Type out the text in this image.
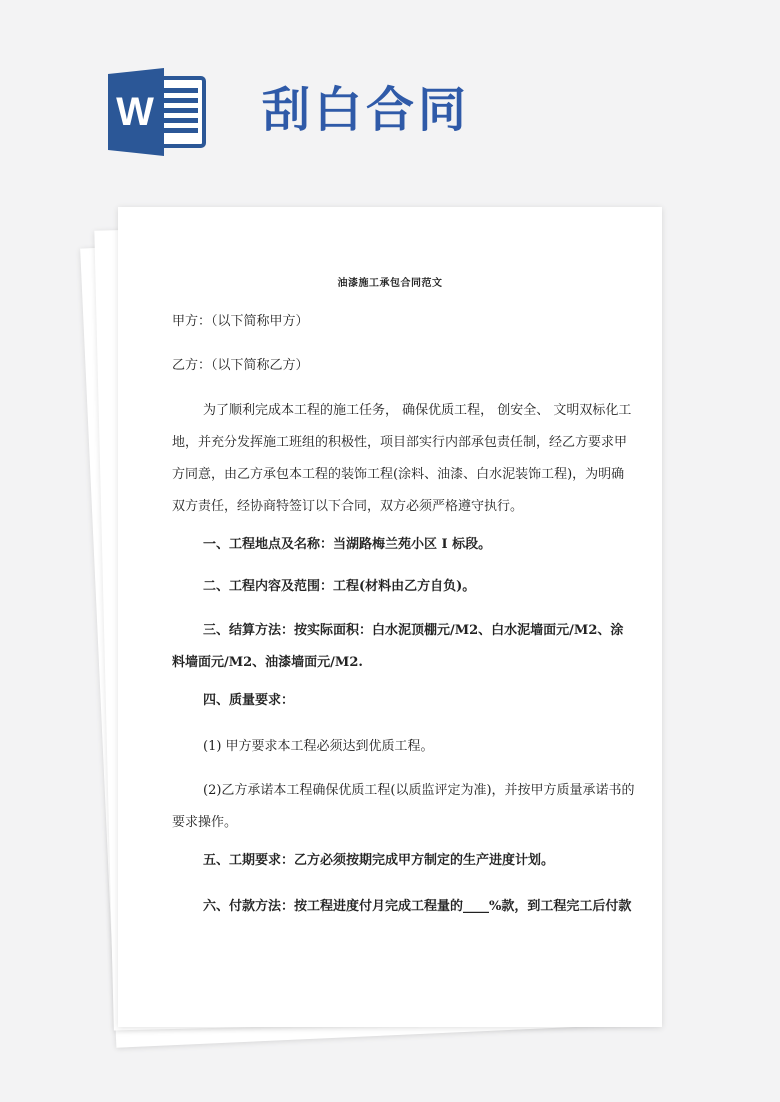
W 刮白合同
油漆施工承包合同范文

甲方：（以下简称甲方）

乙方：（以下简称乙方）

为了顺利完成本工程的施工任务， 确保优质工程， 创安全、 文明双标化工地，并充分发挥施工班组的积极性，项目部实行内部承包责任制，经乙方要求甲方同意，由乙方承包本工程的装饰工程(涂料、油漆、白水泥装饰工程)，为明确双方责任，经协商特签订以下合同，双方必须严格遵守执行。

一、工程地点及名称：当湖路梅兰苑小区 I 标段。

二、工程内容及范围：工程(材料由乙方自负)。

三、结算方法：按实际面积：白水泥顶棚元/M2、白水泥墙面元/M2、涂料墙面元/M2、油漆墙面元/M2.

四、质量要求：

(1) 甲方要求本工程必须达到优质工程。

(2)乙方承诺本工程确保优质工程(以质监评定为准)，并按甲方质量承诺书的要求操作。

五、工期要求：乙方必须按期完成甲方制定的生产进度计划。

六、付款方法：按工程进度付月完成工程量的____%款，到工程完工后付款
